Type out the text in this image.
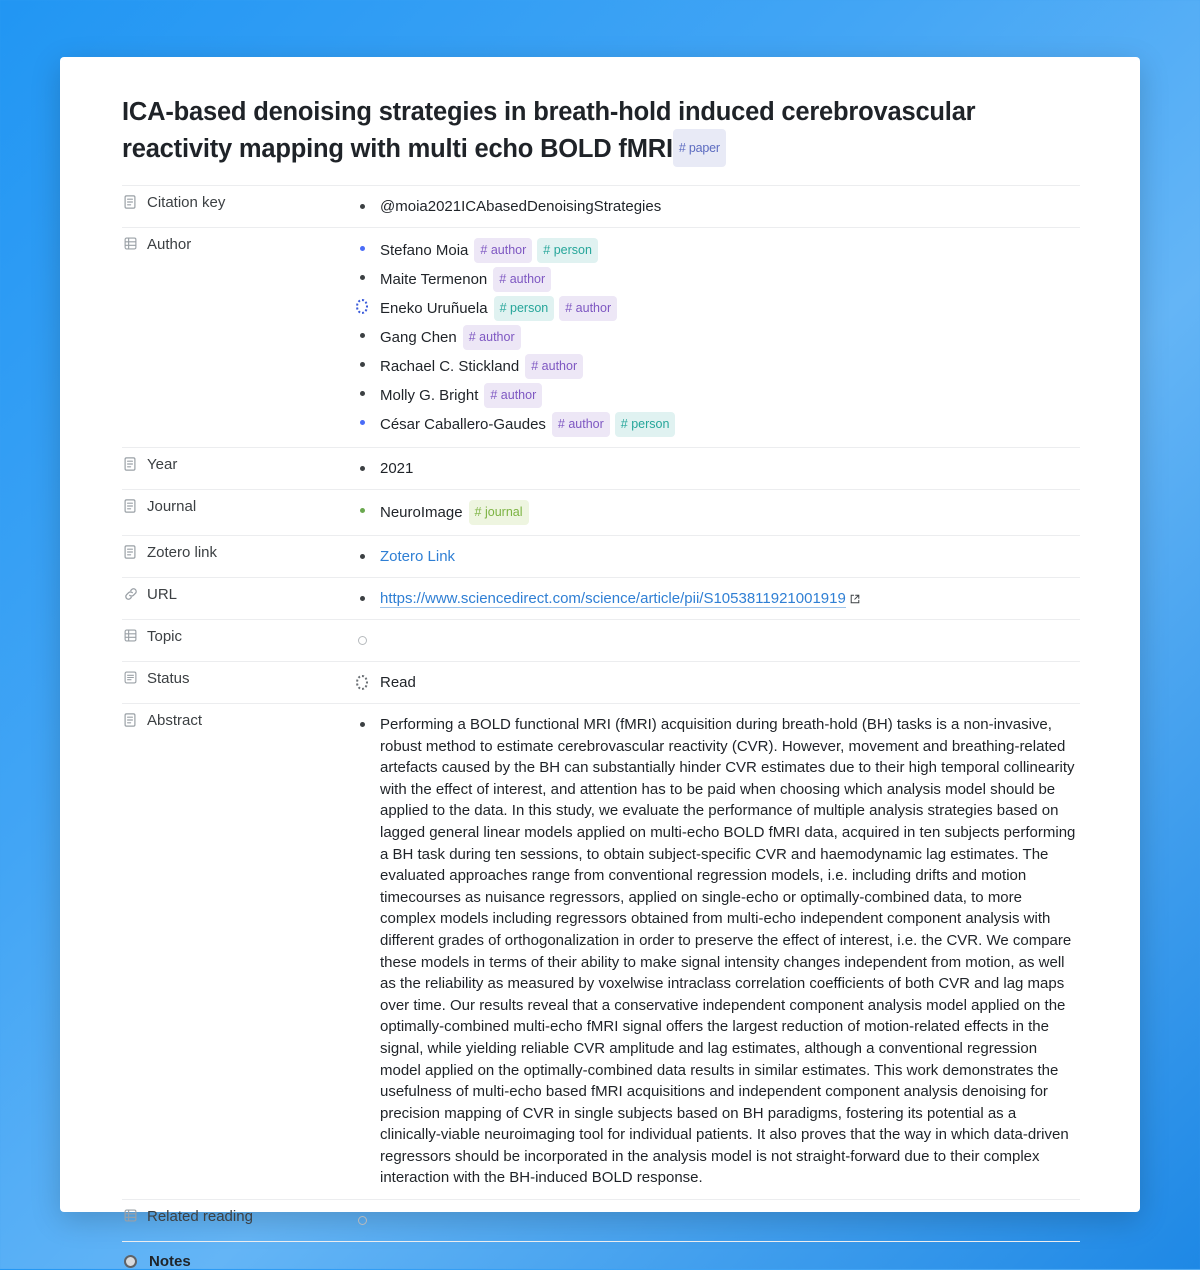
ICA-based denoising strategies in breath-hold induced cerebrovascular reactivity mapping with multi echo BOLD fMRI # paper
Citation key	@moia2021ICAbasedDenoisingStrategies

Author	Stefano Moia # author # person
Maite Termenon # author
Eneko Uruñuela # person # author
Gang Chen # author
Rachael C. Stickland # author
Molly G. Bright # author
César Caballero-Gaudes # author # person

Year	2021

Journal	NeuroImage # journal

Zotero link	Zotero Link

URL	https://www.sciencedirect.com/science/article/pii/S1053811921001919

Topic	

Status	Read

Abstract	Performing a BOLD functional MRI (fMRI) acquisition during breath-hold (BH) tasks is a non-invasive, robust method to estimate cerebrovascular reactivity (CVR). However, movement and breathing-related artefacts caused by the BH can substantially hinder CVR estimates due to their high temporal collinearity with the effect of interest, and attention has to be paid when choosing which analysis model should be applied to the data. In this study, we evaluate the performance of multiple analysis strategies based on lagged general linear models applied on multi-echo BOLD fMRI data, acquired in ten subjects performing a BH task during ten sessions, to obtain subject-specific CVR and haemodynamic lag estimates. The evaluated approaches range from conventional regression models, i.e. including drifts and motion timecourses as nuisance regressors, applied on single-echo or optimally-combined data, to more complex models including regressors obtained from multi-echo independent component analysis with different grades of orthogonalization in order to preserve the effect of interest, i.e. the CVR. We compare these models in terms of their ability to make signal intensity changes independent from motion, as well as the reliability as measured by voxelwise intraclass correlation coefficients of both CVR and lag maps over time. Our results reveal that a conservative independent component analysis model applied on the optimally-combined multi-echo fMRI signal offers the largest reduction of motion-related effects in the signal, while yielding reliable CVR amplitude and lag estimates, although a conventional regression model applied on the optimally-combined data results in similar estimates. This work demonstrates the usefulness of multi-echo based fMRI acquisitions and independent component analysis denoising for precision mapping of CVR in single subjects based on BH paradigms, fostering its potential as a clinically-viable neuroimaging tool for individual patients. It also proves that the way in which data-driven regressors should be incorporated in the analysis model is not straight-forward due to their complex interaction with the BH-induced BOLD response.

Related reading	

Notes
